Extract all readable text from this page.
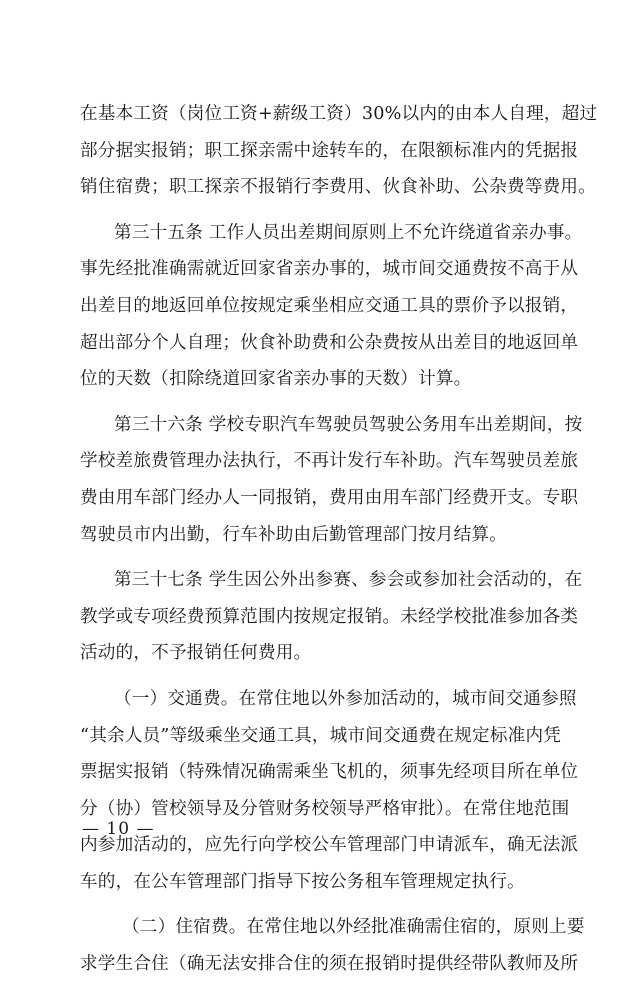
在基本工资（岗位工资+薪级工资）30%以内的由本人自理，超过
部分据实报销；职工探亲需中途转车的，在限额标准内的凭据报
销住宿费；职工探亲不报销行李费用、伙食补助、公杂费等费用。
第三十五条 工作人员出差期间原则上不允许绕道省亲办事。
事先经批准确需就近回家省亲办事的，城市间交通费按不高于从
出差目的地返回单位按规定乘坐相应交通工具的票价予以报销，
超出部分个人自理；伙食补助费和公杂费按从出差目的地返回单
位的天数（扣除绕道回家省亲办事的天数）计算。
第三十六条 学校专职汽车驾驶员驾驶公务用车出差期间，按
学校差旅费管理办法执行，不再计发行车补助。汽车驾驶员差旅
费由用车部门经办人一同报销，费用由用车部门经费开支。专职
驾驶员市内出勤，行车补助由后勤管理部门按月结算。
第三十七条 学生因公外出参赛、参会或参加社会活动的，在
教学或专项经费预算范围内按规定报销。未经学校批准参加各类
活动的，不予报销任何费用。
（一）交通费。在常住地以外参加活动的，城市间交通参照
“其余人员”等级乘坐交通工具，城市间交通费在规定标准内凭
票据实报销（特殊情况确需乘坐飞机的，须事先经项目所在单位
分（协）管校领导及分管财务校领导严格审批）。在常住地范围
内参加活动的，应先行向学校公车管理部门申请派车，确无法派
车的，在公车管理部门指导下按公务租车管理规定执行。
（二）住宿费。在常住地以外经批准确需住宿的，原则上要
求学生合住（确无法安排合住的须在报销时提供经带队教师及所
— 10 —
